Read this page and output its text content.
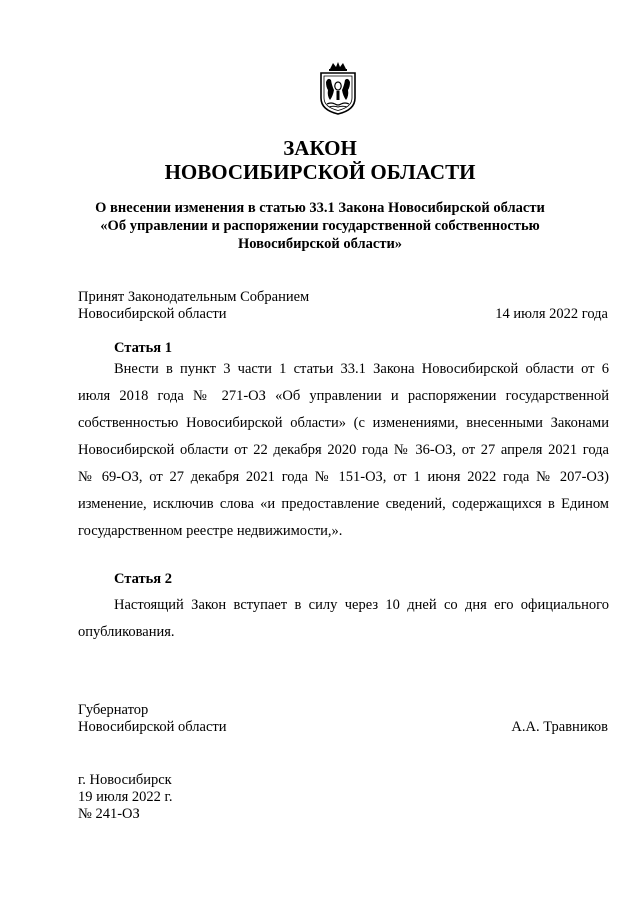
ЗАКОН
НОВОСИБИРСКОЙ ОБЛАСТИ
О внесении изменения в статью 33.1 Закона Новосибирской области
«Об управлении и распоряжении государственной собственностью
Новосибирской области»
Принят Законодательным Собранием
Новосибирской области	14 июля 2022 года
Статья 1
Внести в пункт 3 части 1 статьи 33.1 Закона Новосибирской области от 6
июля 2018 года № 271-ОЗ «Об управлении и распоряжении государственной
собственностью Новосибирской области» (с изменениями, внесенными Законами
Новосибирской области от 22 декабря 2020 года № 36-ОЗ, от 27 апреля 2021 года
№ 69-ОЗ, от 27 декабря 2021 года № 151-ОЗ, от 1 июня 2022 года № 207-ОЗ)
изменение, исключив слова «и предоставление сведений, содержащихся в Едином
государственном реестре недвижимости,».
Статья 2
Настоящий Закон вступает в силу через 10 дней со дня его официального
опубликования.
Губернатор
Новосибирской области	А.А. Травников
г. Новосибирск
19 июля 2022 г.
№ 241-ОЗ
